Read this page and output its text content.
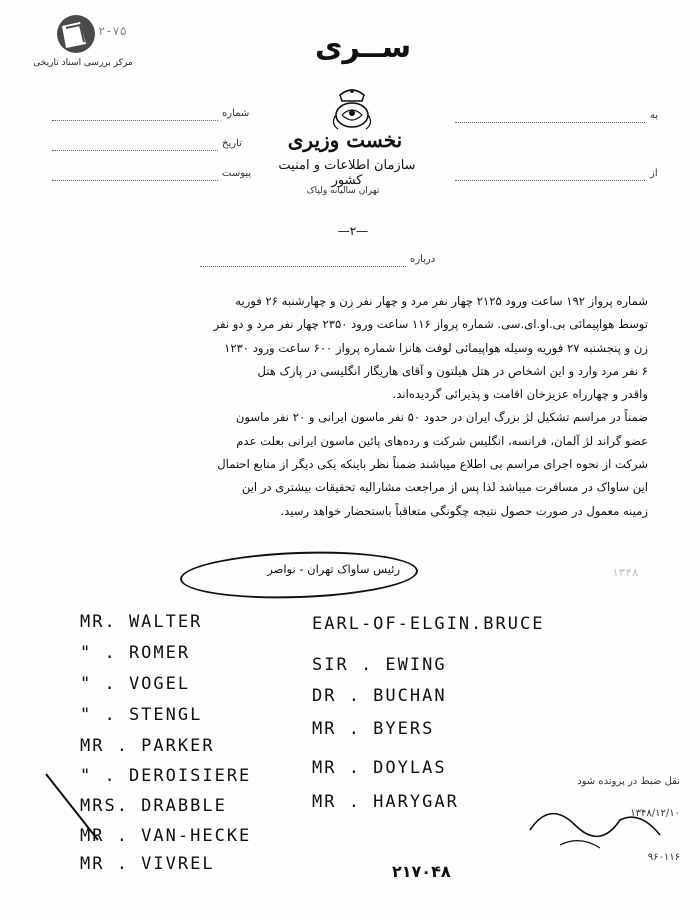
مرکز بررسی اسناد تاریخی
۲-۷۵	ســری
نخست وزیری
سازمان اطلاعات و امنیت کشور
تهران سالیانه ولپاک
—۲—
شماره
تاریخ
پیوست
به
از
درباره

شماره پرواز ۱۹۲ ساعت ورود ۲۱۲۵ چهار نفر مرد و چهار نفر زن و چهارشنبه ۲۶ فوریه

توسط هواپیمائی بی.او.ای.سی. شماره پرواز ۱۱۶ ساعت ورود ۲۳۵۰ چهار نفر مرد و دو نفر

زن و پنجشنبه ۲۷ فوریه وسیله هواپیمائی لوفت هانزا شماره پرواز ۶۰۰ ساعت ورود ۱۲۳۰

۶ نفر مرد وارد و این اشخاص در هتل هیلتون و آقای هاریگار انگلیسی در پارک هتل

واقدر و چهارراه عزیزخان اقامت و پذیرائی گردیده‌اند.

ضمناً در مراسم تشکیل لژ بزرگ ایران در حدود ۵۰ نفر ماسون ایرانی و ۲۰ نفر ماسون

عضو گراند لژ آلمان، فرانسه، انگلیس شرکت و رده‌های پائین ماسون ایرانی بعلت عدم

شرکت از نحوه اجرای مراسم بی اطلاع میباشند ضمناً نظر باینکه یکی دیگر از منابع احتمال

این ساواک در مسافرت میباشد لذا پس از مراجعت مشارالیه تحقیقات بیشتری در این

زمینه معمول در صورت حصول نتیجه چگونگی متعاقباً باستحضار خواهد رسید.

رئیس ساواک تهران - نواصر	۱۳۴۸
MR. WALTER
" . ROMER
" . VOGEL
" . STENGL
MR . PARKER
" . DEROISIERE
MRS. DRABBLE
MR . VAN-HECKE
MR . VIVREL
EARL-OF-ELGIN.BRUCE
SIR . EWING
DR . BUCHAN
MR . BYERS
MR . DOYLAS
MR . HARYGAR
نقل ضبط در پرونده شود
۱۳۴۸/۱۲/۱۰
۹۶۰۱۱۶
۲۱۷۰۴۸
